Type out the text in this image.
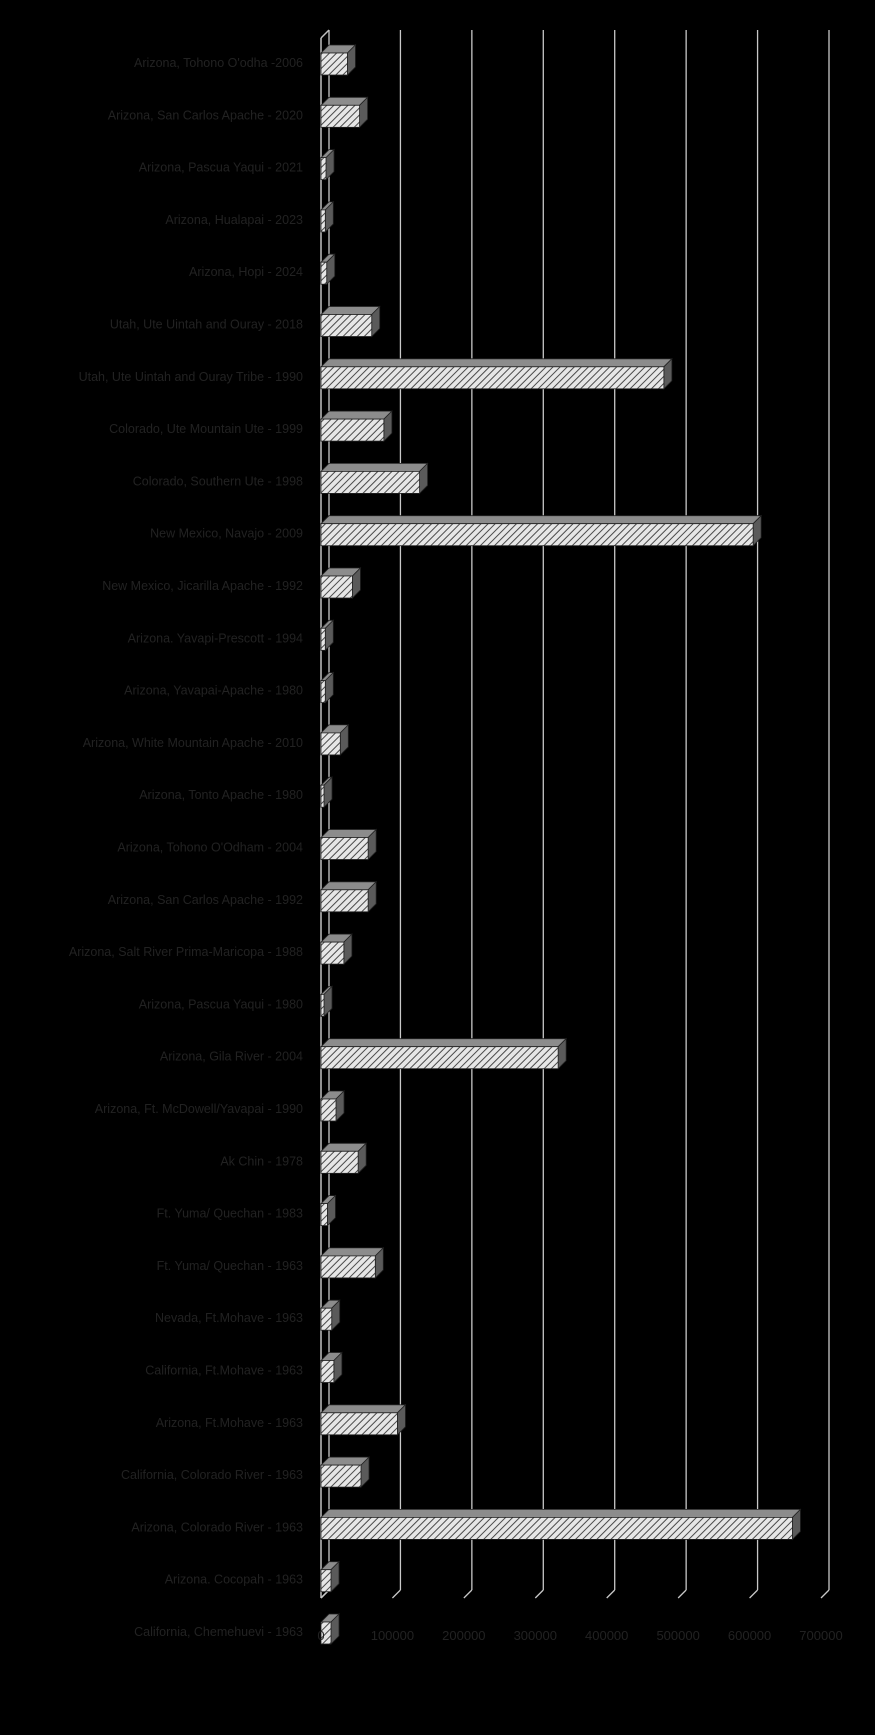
Arizona, Tohono O'odha -2006
Arizona, San Carlos Apache - 2020
Arizona, Pascua Yaqui - 2021
Arizona, Hualapai - 2023
Arizona, Hopi - 2024
Utah, Ute Uintah and Ouray - 2018
Utah, Ute Uintah and Ouray Tribe - 1990
Colorado, Ute Mountain Ute - 1999
Colorado, Southern Ute - 1998
New Mexico, Navajo - 2009
New Mexico, Jicarilla Apache - 1992
Arizona. Yavapi-Prescott - 1994
Arizona, Yavapai-Apache - 1980
Arizona, White Mountain Apache - 2010
Arizona, Tonto Apache - 1980
Arizona, Tohono O'Odham - 2004
Arizona, San Carlos Apache - 1992
Arizona, Salt River Prima-Maricopa - 1988
Arizona, Pascua Yaqui - 1980
Arizona, Gila River - 2004
Arizona, Ft. McDowell/Yavapai - 1990
Ak Chin - 1978
Ft. Yuma/ Quechan - 1983
Ft. Yuma/ Quechan - 1963
Nevada, Ft.Mohave - 1963
California, Ft.Mohave - 1963
Arizona, Ft.Mohave - 1963
California, Colorado River - 1963
Arizona, Colorado River - 1963
Arizona. Cocopah - 1963
California, Chemehuevi - 1963 0	100000 200000 300000 400000 500000 600000 700000
